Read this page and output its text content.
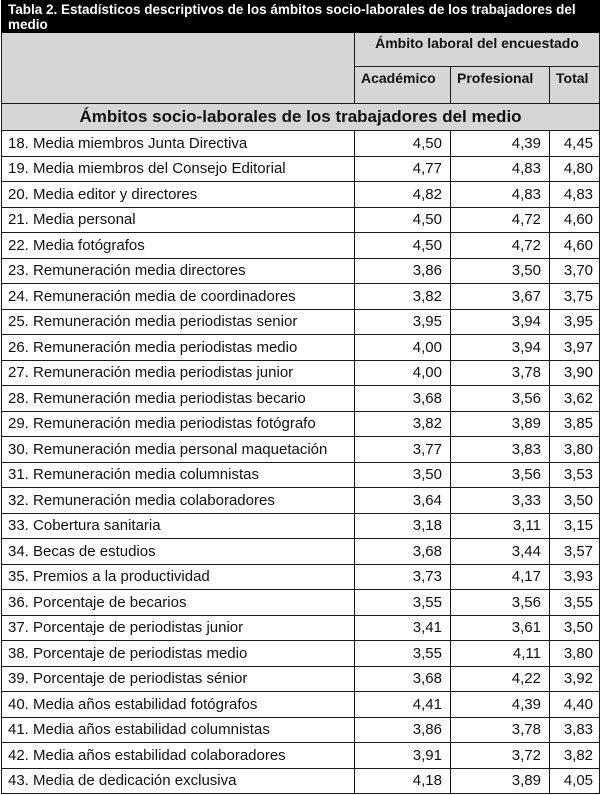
Tabla 2. Estadísticos descriptivos de los ámbitos socio-laborales de los trabajadores del medio			
	Ámbito laboral del encuestado		
	Académico	Profesional	Total
Ámbitos socio-laborales de los trabajadores del medio			
18. Media miembros Junta Directiva	4,50	4,39	4,45
19. Media miembros del Consejo Editorial	4,77	4,83	4,80
20. Media editor y directores	4,82	4,83	4,83
21. Media personal	4,50	4,72	4,60
22. Media fotógrafos	4,50	4,72	4,60
23. Remuneración media directores	3,86	3,50	3,70
24. Remuneración media de coordinadores	3,82	3,67	3,75
25. Remuneración media periodistas senior	3,95	3,94	3,95
26. Remuneración media periodistas medio	4,00	3,94	3,97
27. Remuneración media periodistas junior	4,00	3,78	3,90
28. Remuneración media periodistas becario	3,68	3,56	3,62
29. Remuneración media periodistas fotógrafo	3,82	3,89	3,85
30. Remuneración media personal maquetación	3,77	3,83	3,80
31. Remuneración media columnistas	3,50	3,56	3,53
32. Remuneración media colaboradores	3,64	3,33	3,50
33. Cobertura sanitaria	3,18	3,11	3,15
34. Becas de estudios	3,68	3,44	3,57
35. Premios a la productividad	3,73	4,17	3,93
36. Porcentaje de becarios	3,55	3,56	3,55
37. Porcentaje de periodistas junior	3,41	3,61	3,50
38. Porcentaje de periodistas medio	3,55	4,11	3,80
39. Porcentaje de periodistas sénior	3,68	4,22	3,92
40. Media años estabilidad fotógrafos	4,41	4,39	4,40
41. Media años estabilidad columnistas	3,86	3,78	3,83
42. Media años estabilidad colaboradores	3,91	3,72	3,82
43. Media de dedicación exclusiva	4,18	3,89	4,05
